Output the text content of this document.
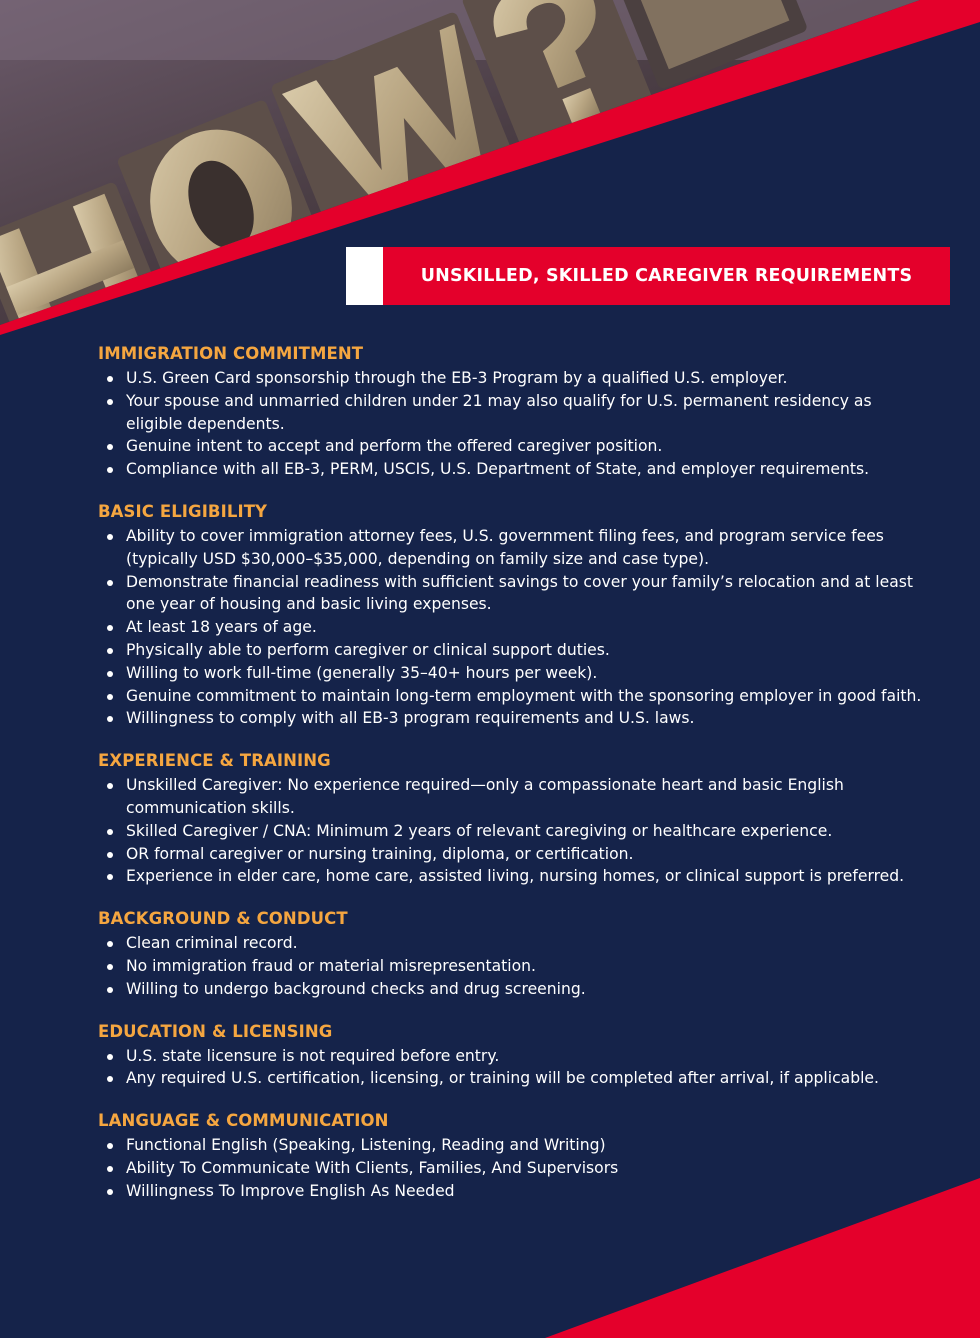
UNSKILLED, SKILLED CAREGIVER REQUIREMENTS
IMMIGRATION COMMITMENT
U.S. Green Card sponsorship through the EB-3 Program by a qualified U.S. employer.
Your spouse and unmarried children under 21 may also qualify for U.S. permanent residency as eligible dependents.
Genuine intent to accept and perform the offered caregiver position.
Compliance with all EB-3, PERM, USCIS, U.S. Department of State, and employer requirements.
BASIC ELIGIBILITY
Ability to cover immigration attorney fees, U.S. government filing fees, and program service fees (typically USD $30,000–$35,000, depending on family size and case type).
Demonstrate financial readiness with sufficient savings to cover your family’s relocation and at least one year of housing and basic living expenses.
At least 18 years of age.
Physically able to perform caregiver or clinical support duties.
Willing to work full-time (generally 35–40+ hours per week).
Genuine commitment to maintain long-term employment with the sponsoring employer in good faith.
Willingness to comply with all EB-3 program requirements and U.S. laws.
EXPERIENCE & TRAINING
Unskilled Caregiver: No experience required—only a compassionate heart and basic English communication skills.
Skilled Caregiver / CNA: Minimum 2 years of relevant caregiving or healthcare experience.
OR formal caregiver or nursing training, diploma, or certification.
Experience in elder care, home care, assisted living, nursing homes, or clinical support is preferred.
BACKGROUND & CONDUCT
Clean criminal record.
No immigration fraud or material misrepresentation.
Willing to undergo background checks and drug screening.
EDUCATION & LICENSING
U.S. state licensure is not required before entry.
Any required U.S. certification, licensing, or training will be completed after arrival, if applicable.
LANGUAGE & COMMUNICATION
Functional English (Speaking, Listening, Reading and Writing)
Ability To Communicate With Clients, Families, And Supervisors
Willingness To Improve English As Needed
